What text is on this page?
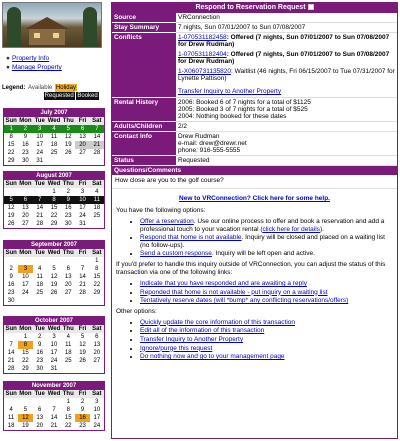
● Property Info
● Manage Property
Legend: Available Holiday
Requested Booked
July 2007
Sun	Mon	Tue	Wed	Thu	Fri	Sat
1	2	3	4	5	6	7
8	9	10	11	12	13	14
15	16	17	18	19	20	21
22	23	24	25	26	27	28
29	30	31				
August 2007
Sun	Mon	Tue	Wed	Thu	Fri	Sat
			1	2	3	4
5	6	7	8	9	10	11
12	13	14	15	16	17	18
19	20	21	22	23	24	25
26	27	28	29	30	31	
September 2007
Sun	Mon	Tue	Wed	Thu	Fri	Sat
						1
2	3	4	5	6	7	8
9	10	11	12	13	14	15
16	17	18	19	20	21	22
23	24	25	26	27	28	29
30						
October 2007
Sun	Mon	Tue	Wed	Thu	Fri	Sat
	1	2	3	4	5	6
7	8	9	10	11	12	13
14	15	16	17	18	19	20
21	22	23	24	25	26	27
28	29	30	31			
November 2007
Sun	Mon	Tue	Wed	Thu	Fri	Sat
				1	2	3
4	5	6	7	8	9	10
11	12	13	14	15	16	17
18	19	20	21	22	23	24
Respond to Reservation Request
Source	VRConnection
Stay Summary	7 nights, Sun 07/01/2007 to Sun 07/08/2007
Conflicts	1-070531182458: Offered (7 nights, Sun 07/01/2007 to Sun 07/08/2007 for Drew Rudman)
1-070531182404: Offered (7 nights, Sun 07/01/2007 to Sun 07/08/2007 for Drew Rudman)
1-X060731135820: Waitlist (46 nights, Fri 06/15/2007 to Tue 07/31/2007 for Lynette Pattison)
Transfer Inquiry to Another Property

Rental History	2006: Booked 6 of 7 nights for a total of $1125
2005: Booked 3 of 7 nights for a total of $525
2004: Nothing booked for these dates

Adults/Children	2/2
Contact Info	Drew Rudman
e-mail: drew@drewr.net
phone: 916-555-5555

Status	Requested
Questions/Comments
How close are you to the golf course?
New to VRConnection? Click here for some help.
You have the following options:
• Offer a reservation. Use our online process to offer and book a reservation and add a professional touch to your vacation rental (click here for details).
• Respond that home is not available. Inquiry will be closed and placed on a waiting list (no follow-ups).
• Send a custom response. Inquiry will be left open and active.
If you'd prefer to handle this inquiry outside of VRConnection, you can adjust the status of this transaction via one of the following links:
• Indicate that you have responded and are awaiting a reply
• Reponded that home is not available - put inquiry on a waiting list
• Tentatively reserve dates (will *bump* any conflicting reservations/offers)
Other options:
• Quickly update the core information of this transaction
• Edit all of the information of this transaction
• Transfer Inquiry to Another Property
• Ignore/purge this request
• Do nothing now and go to your management page
